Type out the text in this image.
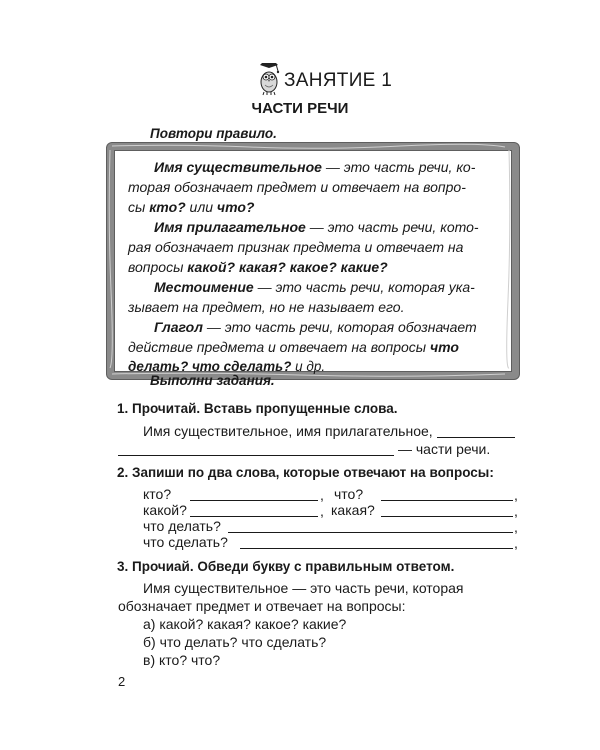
ЗАНЯТИЕ 1
ЧАСТИ РЕЧИ
Повтори правило.
Имя существительное — это часть речи, ко-
торая обозначает предмет и отвечает на вопро-
сы кто? или что?
Имя прилагательное — это часть речи, кото-
рая обозначает признак предмета и отвечает на
вопросы какой? какая? какое? какие?
Местоимение — это часть речи, которая ука-
зывает на предмет, но не называет его.
Глагол — это часть речи, которая обозначает
действие предмета и отвечает на вопросы что
делать? что сделать? и др.
Выполни задания.
1. Прочитай. Вставь пропущенные слова.
Имя существительное, имя прилагательное,
— части речи.
2. Запиши по два слова, которые отвечают на вопросы:
кто?	, что?	,
какой?	, какая?	,
что делать?	,
что сделать?	,
3. Прочиай. Обведи букву с правильным ответом.
Имя существительное — это часть речи, которая
обозначает предмет и отвечает на вопросы:
а) какой? какая? какое? какие?
б) что делать? что сделать?
в) кто? что?
2
